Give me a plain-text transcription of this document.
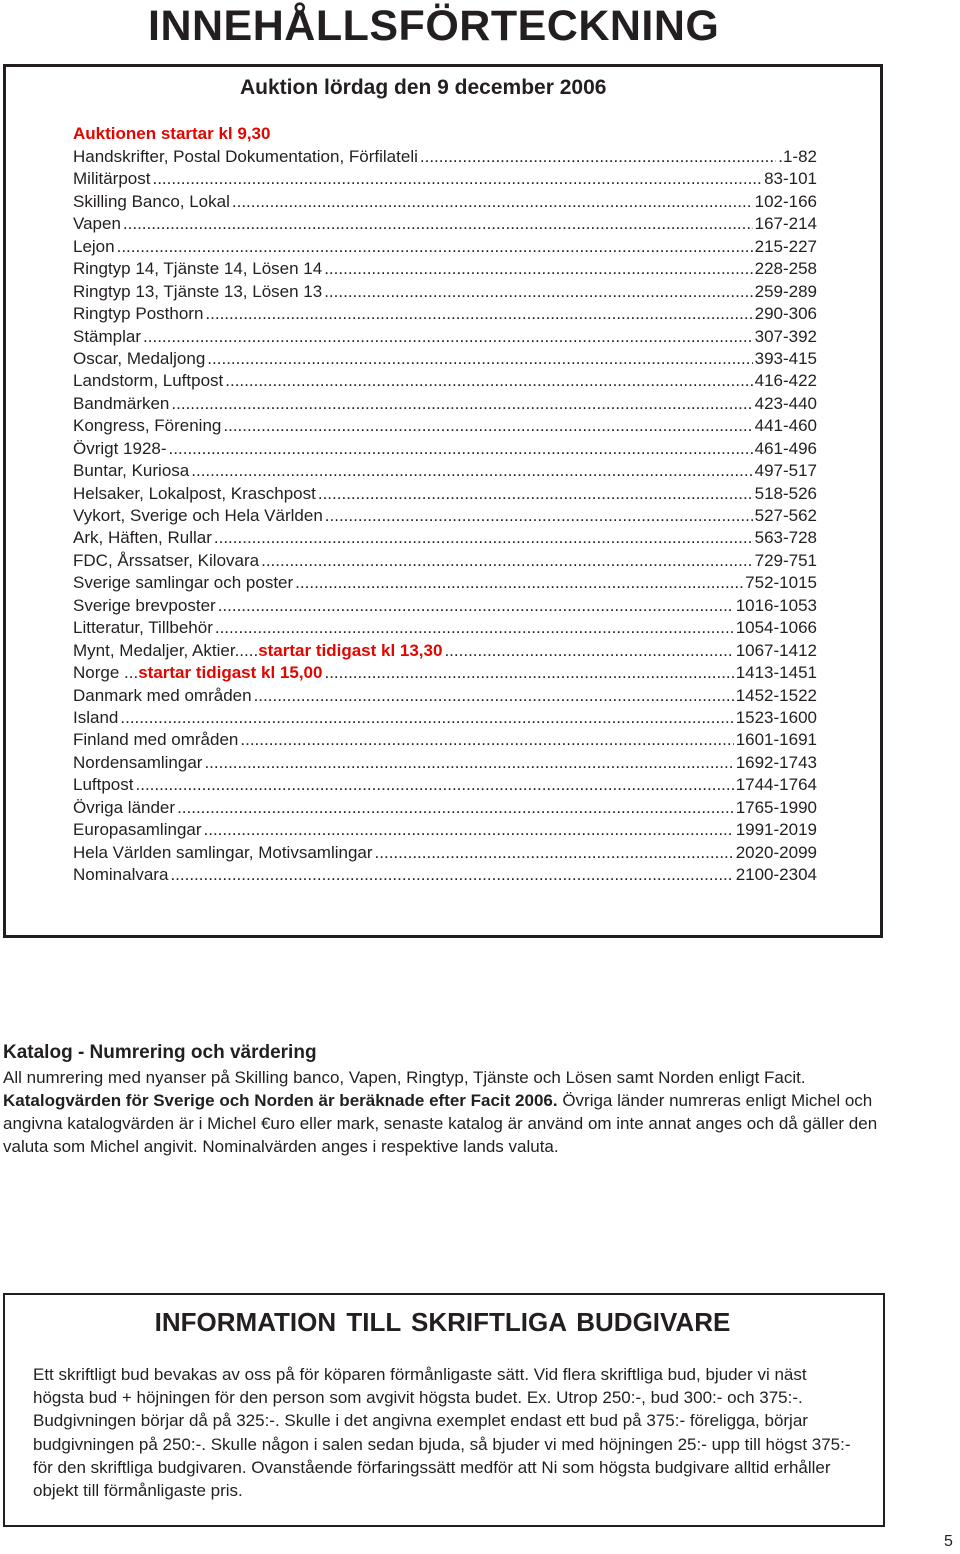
INNEHÅLLSFÖRTECKNING
Auktion lördag den 9 december 2006
Auktionen startar kl 9,30
Handskrifter, Postal Dokumentation, Förfilateli .....	.1-82
Militärpost .....	83-101
Skilling Banco, Lokal .....	102-166
Vapen .....	167-214
Lejon .....	215-227
Ringtyp 14, Tjänste 14, Lösen 14 .....	228-258
Ringtyp 13, Tjänste 13, Lösen 13 .....	259-289
Ringtyp Posthorn .....	290-306
Stämplar .....	307-392
Oscar, Medaljong .....	393-415
Landstorm, Luftpost .....	416-422
Bandmärken .....	423-440
Kongress, Förening .....	441-460
Övrigt 1928- .....	461-496
Buntar, Kuriosa .....	497-517
Helsaker, Lokalpost, Kraschpost .....	518-526
Vykort, Sverige och Hela Världen .....	527-562
Ark, Häften, Rullar .....	563-728
FDC, Årssatser, Kilovara .....	729-751
Sverige samlingar och poster .....	752-1015
Sverige brevposter .....	1016-1053
Litteratur, Tillbehör .....	1054-1066
Mynt, Medaljer, Aktier.....startar tidigast kl 13,30 .....	1067-1412
Norge ...startar tidigast kl 15,00 .....	1413-1451
Danmark med områden .....	1452-1522
Island .....	1523-1600
Finland med områden .....	1601-1691
Nordensamlingar .....	1692-1743
Luftpost .....	1744-1764
Övriga länder .....	1765-1990
Europasamlingar .....	1991-2019
Hela Världen samlingar, Motivsamlingar .....	2020-2099
Nominalvara .....	2100-2304
Katalog - Numrering och värdering

All numrering med nyanser på Skilling banco, Vapen, Ringtyp, Tjänste och Lösen samt Norden enligt Facit. Katalogvärden för Sverige och Norden är beräknade efter Facit 2006. Övriga länder numreras enligt Michel och angivna katalogvärden är i Michel €uro eller mark, senaste katalog är använd om inte annat anges och då gäller den valuta som Michel angivit. Nominalvärden anges i respektive lands valuta.

INFORMATION TILL SKRIFTLIGA BUDGIVARE

Ett skriftligt bud bevakas av oss på för köparen förmånligaste sätt. Vid flera skriftliga bud, bjuder vi näst högsta bud + höjningen för den person som avgivit högsta budet. Ex. Utrop 250:-, bud 300:- och 375:-. Budgivningen börjar då på 325:-. Skulle i det angivna exemplet endast ett bud på 375:- föreligga, börjar budgivningen på 250:-. Skulle någon i salen sedan bjuda, så bjuder vi med höjningen 25:- upp till högst 375:- för den skriftliga budgivaren. Ovanstående förfaringssätt medför att Ni som högsta budgivare alltid erhåller objekt till förmånligaste pris.

5
